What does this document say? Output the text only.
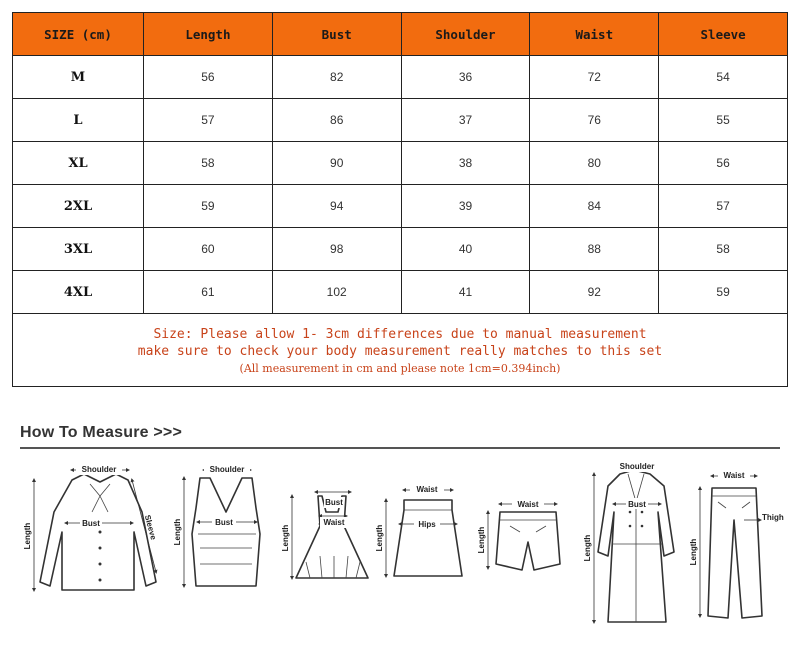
SIZE (cm)	Length	Bust	Shoulder	Waist	Sleeve
M	56	82	36	72	54
L	57	86	37	76	55
XL	58	90	38	80	56
2XL	59	94	39	84	57
3XL	60	98	40	88	58
4XL	61	102	41	92	59

Size: Please allow 1- 3cm differences due to manual measurement
make sure to check your body measurement really matches to this set
(All measurement in cm and please note 1cm=0.394inch)					
How To Measure >>>
Shoulder
Bust
Length	Sleeve
Shoulder
Bust
Length
Bust
Waist
Length
Waist
Hips
Length
Waist
Length
Shoulder
Bust
Length
Waist
Thigh
Length
